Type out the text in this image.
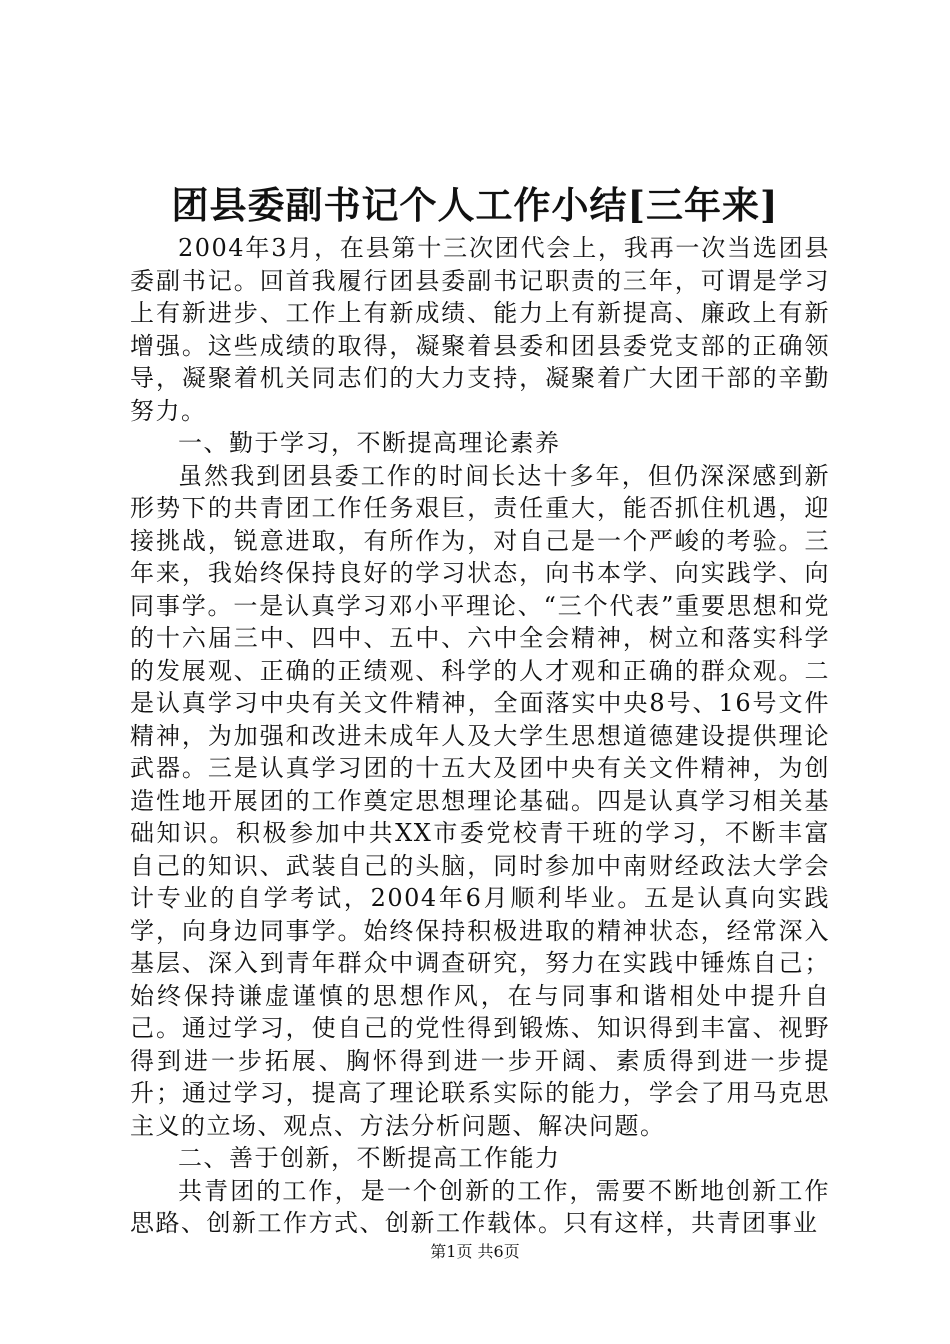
团县委副书记个人工作小结[三年来]

2004年3月，在县第十三次团代会上，我再一次当选团县委副书记。回首我履行团县委副书记职责的三年，可谓是学习上有新进步、工作上有新成绩、能力上有新提高、廉政上有新增强。这些成绩的取得，凝聚着县委和团县委党支部的正确领导，凝聚着机关同志们的大力支持，凝聚着广大团干部的辛勤努力。

一、勤于学习，不断提高理论素养

虽然我到团县委工作的时间长达十多年，但仍深深感到新形势下的共青团工作任务艰巨，责任重大，能否抓住机遇，迎接挑战，锐意进取，有所作为，对自己是一个严峻的考验。三年来，我始终保持良好的学习状态，向书本学、向实践学、向同事学。一是认真学习邓小平理论、“三个代表”重要思想和党的十六届三中、四中、五中、六中全会精神，树立和落实科学的发展观、正确的正绩观、科学的人才观和正确的群众观。二是认真学习中央有关文件精神，全面落实中央8号、16号文件精神，为加强和改进未成年人及大学生思想道德建设提供理论武器。三是认真学习团的十五大及团中央有关文件精神，为创造性地开展团的工作奠定思想理论基础。四是认真学习相关基础知识。积极参加中共XX市委党校青干班的学习，不断丰富自己的知识、武装自己的头脑，同时参加中南财经政法大学会计专业的自学考试，2004年6月顺利毕业。五是认真向实践学，向身边同事学。始终保持积极进取的精神状态，经常深入基层、深入到青年群众中调查研究，努力在实践中锤炼自己；始终保持谦虚谨慎的思想作风，在与同事和谐相处中提升自己。通过学习，使自己的党性得到锻炼、知识得到丰富、视野得到进一步拓展、胸怀得到进一步开阔、素质得到进一步提升；通过学习，提高了理论联系实际的能力，学会了用马克思主义的立场、观点、方法分析问题、解决问题。

二、善于创新，不断提高工作能力

共青团的工作，是一个创新的工作，需要不断地创新工作思路、创新工作方式、创新工作载体。只有这样，共青团事业

第1页 共6页
